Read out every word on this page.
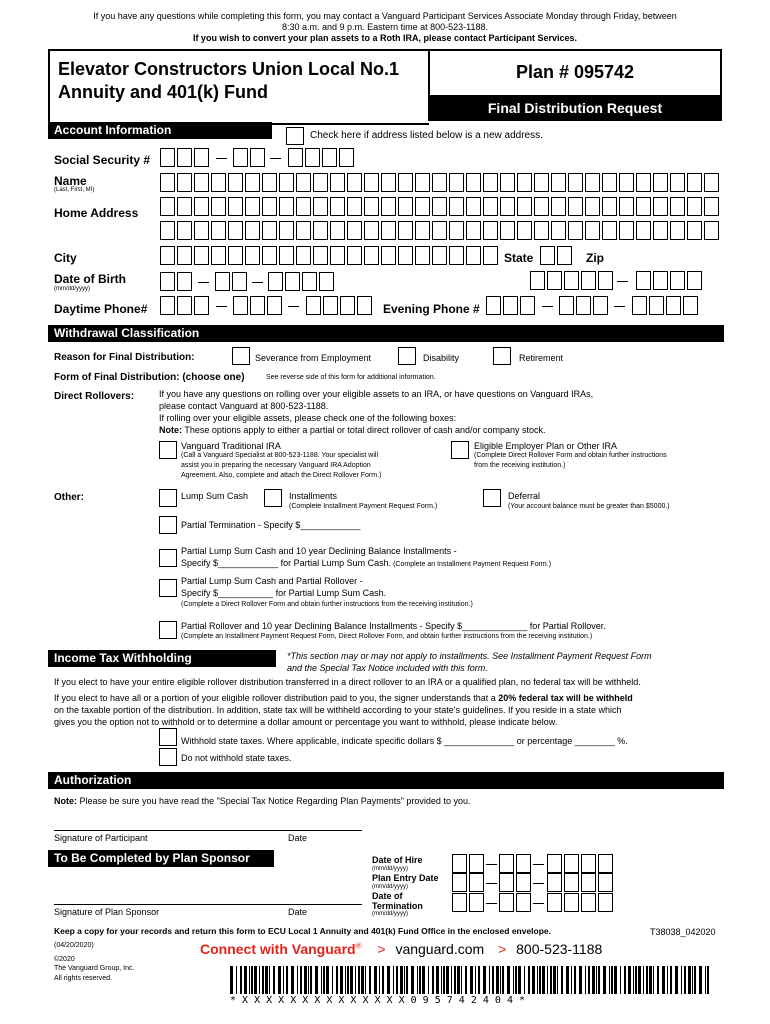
If you have any questions while completing this form, you may contact a Vanguard Participant Services Associate Monday through Friday, between
8:30 a.m. and 9 p.m. Eastern time at 800-523-1188.
If you wish to convert your plan assets to a Roth IRA, please contact Participant Services.
Elevator Constructors Union Local No.1
Annuity and 401(k) Fund
Plan # 095742
Final Distribution Request
Account Information	Check here if address listed below is a new address.
Social Security #
Name
(Last, First, MI)
Home Address
City	State	Zip
Date of Birth
(mm/dd/yyyy)
Daytime Phone#	Evening Phone #
Withdrawal Classification
Reason for Final Distribution:	Severance from Employment	Disability	Retirement
Form of Final Distribution: (choose one)	See reverse side of this form for additional information.
Direct Rollovers:	If you have any questions on rolling over your eligible assets to an IRA, or have questions on Vanguard IRAs,
please contact Vanguard at 800-523-1188.
If rolling over your eligible assets, please check one of the following boxes:
Note: These options apply to either a partial or total direct rollover of cash and/or company stock.
Vanguard Traditional IRA
(Call a Vanguard Specialist at 800-523-1188. Your specialist will
assist you in preparing the necessary Vanguard IRA Adoption
Agreement. Also, complete and attach the Direct Rollover Form.)
Eligible Employer Plan or Other IRA
(Complete Direct Rollover Form and obtain further instructions
from the receiving institution.)
Other:	Lump Sum Cash	Installments
(Complete Installment Payment Request Form.)
Deferral
(Your account balance must be greater than $5000.)
Partial Termination - Specify $____________
Partial Lump Sum Cash and 10 year Declining Balance Installments -
Specify $____________ for Partial Lump Sum Cash. (Complete an Installment Payment Request Form.)
Partial Lump Sum Cash and Partial Rollover -
Specify $___________ for Partial Lump Sum Cash.
(Complete a Direct Rollover Form and obtain further instructions from the receiving institution.)
Partial Rollover and 10 year Declining Balance Installments - Specify $_____________ for Partial Rollover.
(Complete an Installment Payment Request Form, Direct Rollover Form, and obtain further instructions from the receiving institution.)
Income Tax Withholding	*This section may or may not apply to installments. See Installment Payment Request Form
and the Special Tax Notice included with this form.
If you elect to have your entire eligible rollover distribution transferred in a direct rollover to an IRA or a qualified plan, no federal tax will be withheld.
If you elect to have all or a portion of your eligible rollover distribution paid to you, the signer understands that a 20% federal tax will be withheld
on the taxable portion of the distribution. In addition, state tax will be withheld according to your state's guidelines. If you reside in a state which
gives you the option not to withhold or to determine a dollar amount or percentage you want to withhold, please indicate below.
Withhold state taxes. Where applicable, indicate specific dollars $ ______________ or percentage ________ %.
Do not withhold state taxes.
Authorization
Note: Please be sure you have read the "Special Tax Notice Regarding Plan Payments" provided to you.
Signature of Participant	Date
To Be Completed by Plan Sponsor	Date of Hire
(mm/dd/yyyy)
Plan Entry Date
(mm/dd/yyyy)
Date of
Termination
(mm/dd/yyyy)
Signature of Plan Sponsor	Date
Keep a copy for your records and return this form to ECU Local 1 Annuity and 401(k) Fund Office in the enclosed envelope.	T38038_042020
(04/20/2020)
©2020
The Vanguard Group, Inc.
All rights reserved.
Connect with Vanguard® > vanguard.com > 800-523-1188
* X X X X X X X X X X X X X X 0 9 5 7 4 2 4 0 4 *
